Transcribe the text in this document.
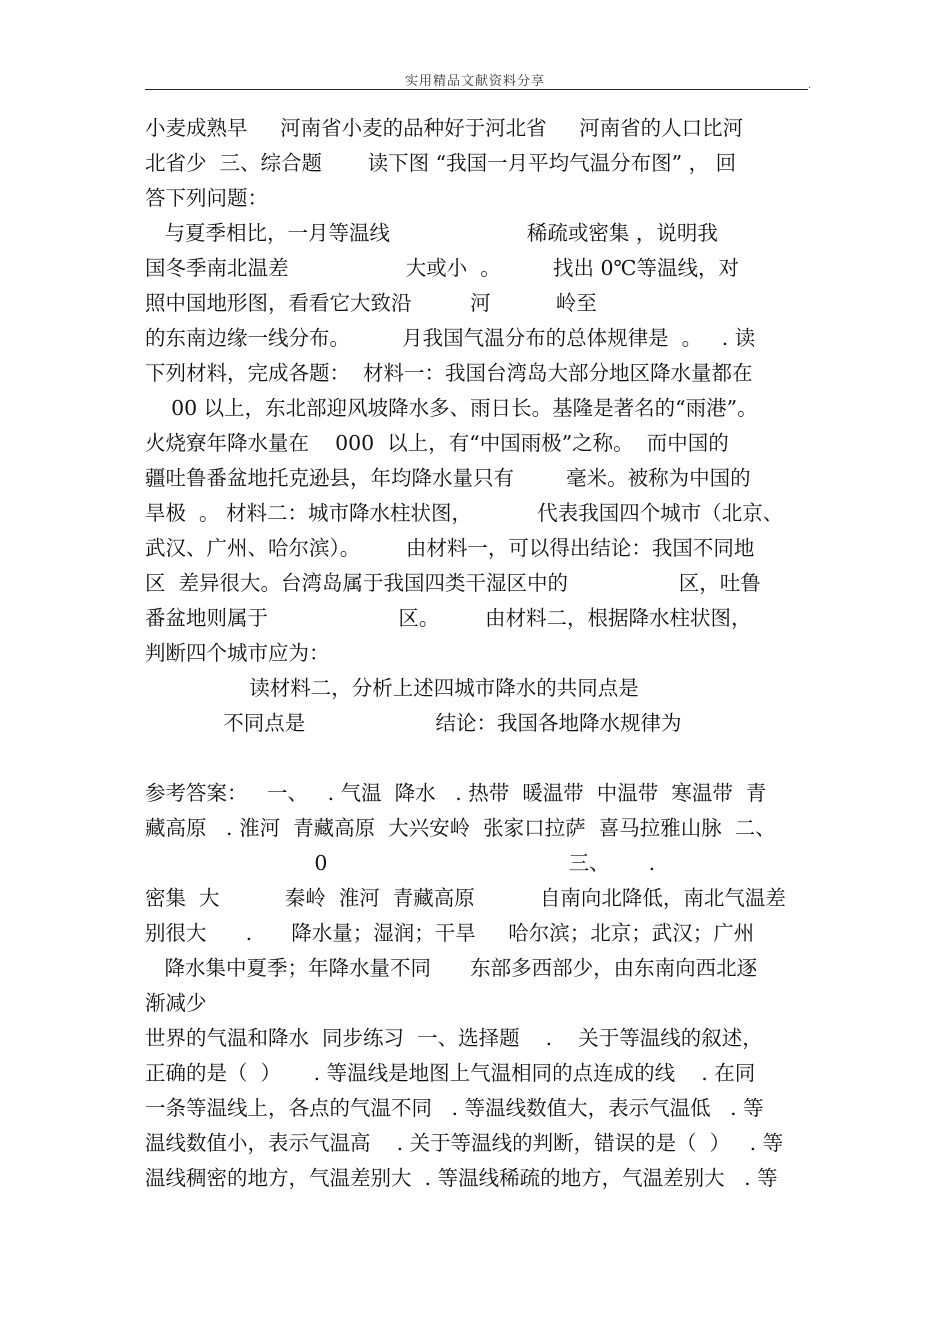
实用精品文献资料分享	.
小麦成熟早     河南省小麦的品种好于河北省     河南省的人口比河
北省少  三、综合题       读下图 “我国一月平均气温分布图” ， 回
答下列问题：
与夏季相比，一月等温线                     稀疏或密集 ，说明我
国冬季南北温差                  大或小  。        找出 0℃等温线，对
照中国地形图，看看它大致沿         河          岭至
的东南边缘一线分布。        月我国气温分布的总体规律是  。   . 读
下列材料，完成各题：  材料一：我国台湾岛大部分地区降水量都在
00 以上，东北部迎风坡降水多、雨日长。基隆是著名的“雨港”。
火烧寮年降水量在    000  以上，有“中国雨极”之称。  而中国的
疆吐鲁番盆地托克逊县，年均降水量只有        毫米。被称为中国的
旱极  。 材料二：城市降水柱状图，          代表我国四个城市（北京、
武汉、广州、哈尔滨）。       由材料一，可以得出结论：我国不同地
区  差异很大。台湾岛属于我国四类干湿区中的                 区，吐鲁
番盆地则属于                    区。       由材料二，根据降水柱状图，
判断四个城市应为：
读材料二，分析上述四城市降水的共同点是
不同点是                    结论：我国各地降水规律为
参考答案：   一、   . 气温  降水   . 热带  暖温带  中温带  寒温带  青
藏高原   . 淮河  青藏高原  大兴安岭  张家口拉萨  喜马拉雅山脉  二、
0                                     三、      .
密集  大          秦岭  淮河  青藏高原          自南向北降低，南北气温差
别很大      .      降水量；湿润；干旱     哈尔滨；北京；武汉；广州
降水集中夏季；年降水量不同      东部多西部少，由东南向西北逐
渐减少
世界的气温和降水  同步练习  一、选择题    .    关于等温线的叙述，
正确的是（  ）     . 等温线是地图上气温相同的点连成的线    . 在同
一条等温线上，各点的气温不同   . 等温线数值大，表示气温低   . 等
温线数值小，表示气温高    . 关于等温线的判断，错误的是（  ）   . 等
温线稠密的地方，气温差别大  . 等温线稀疏的地方，气温差别大   . 等
